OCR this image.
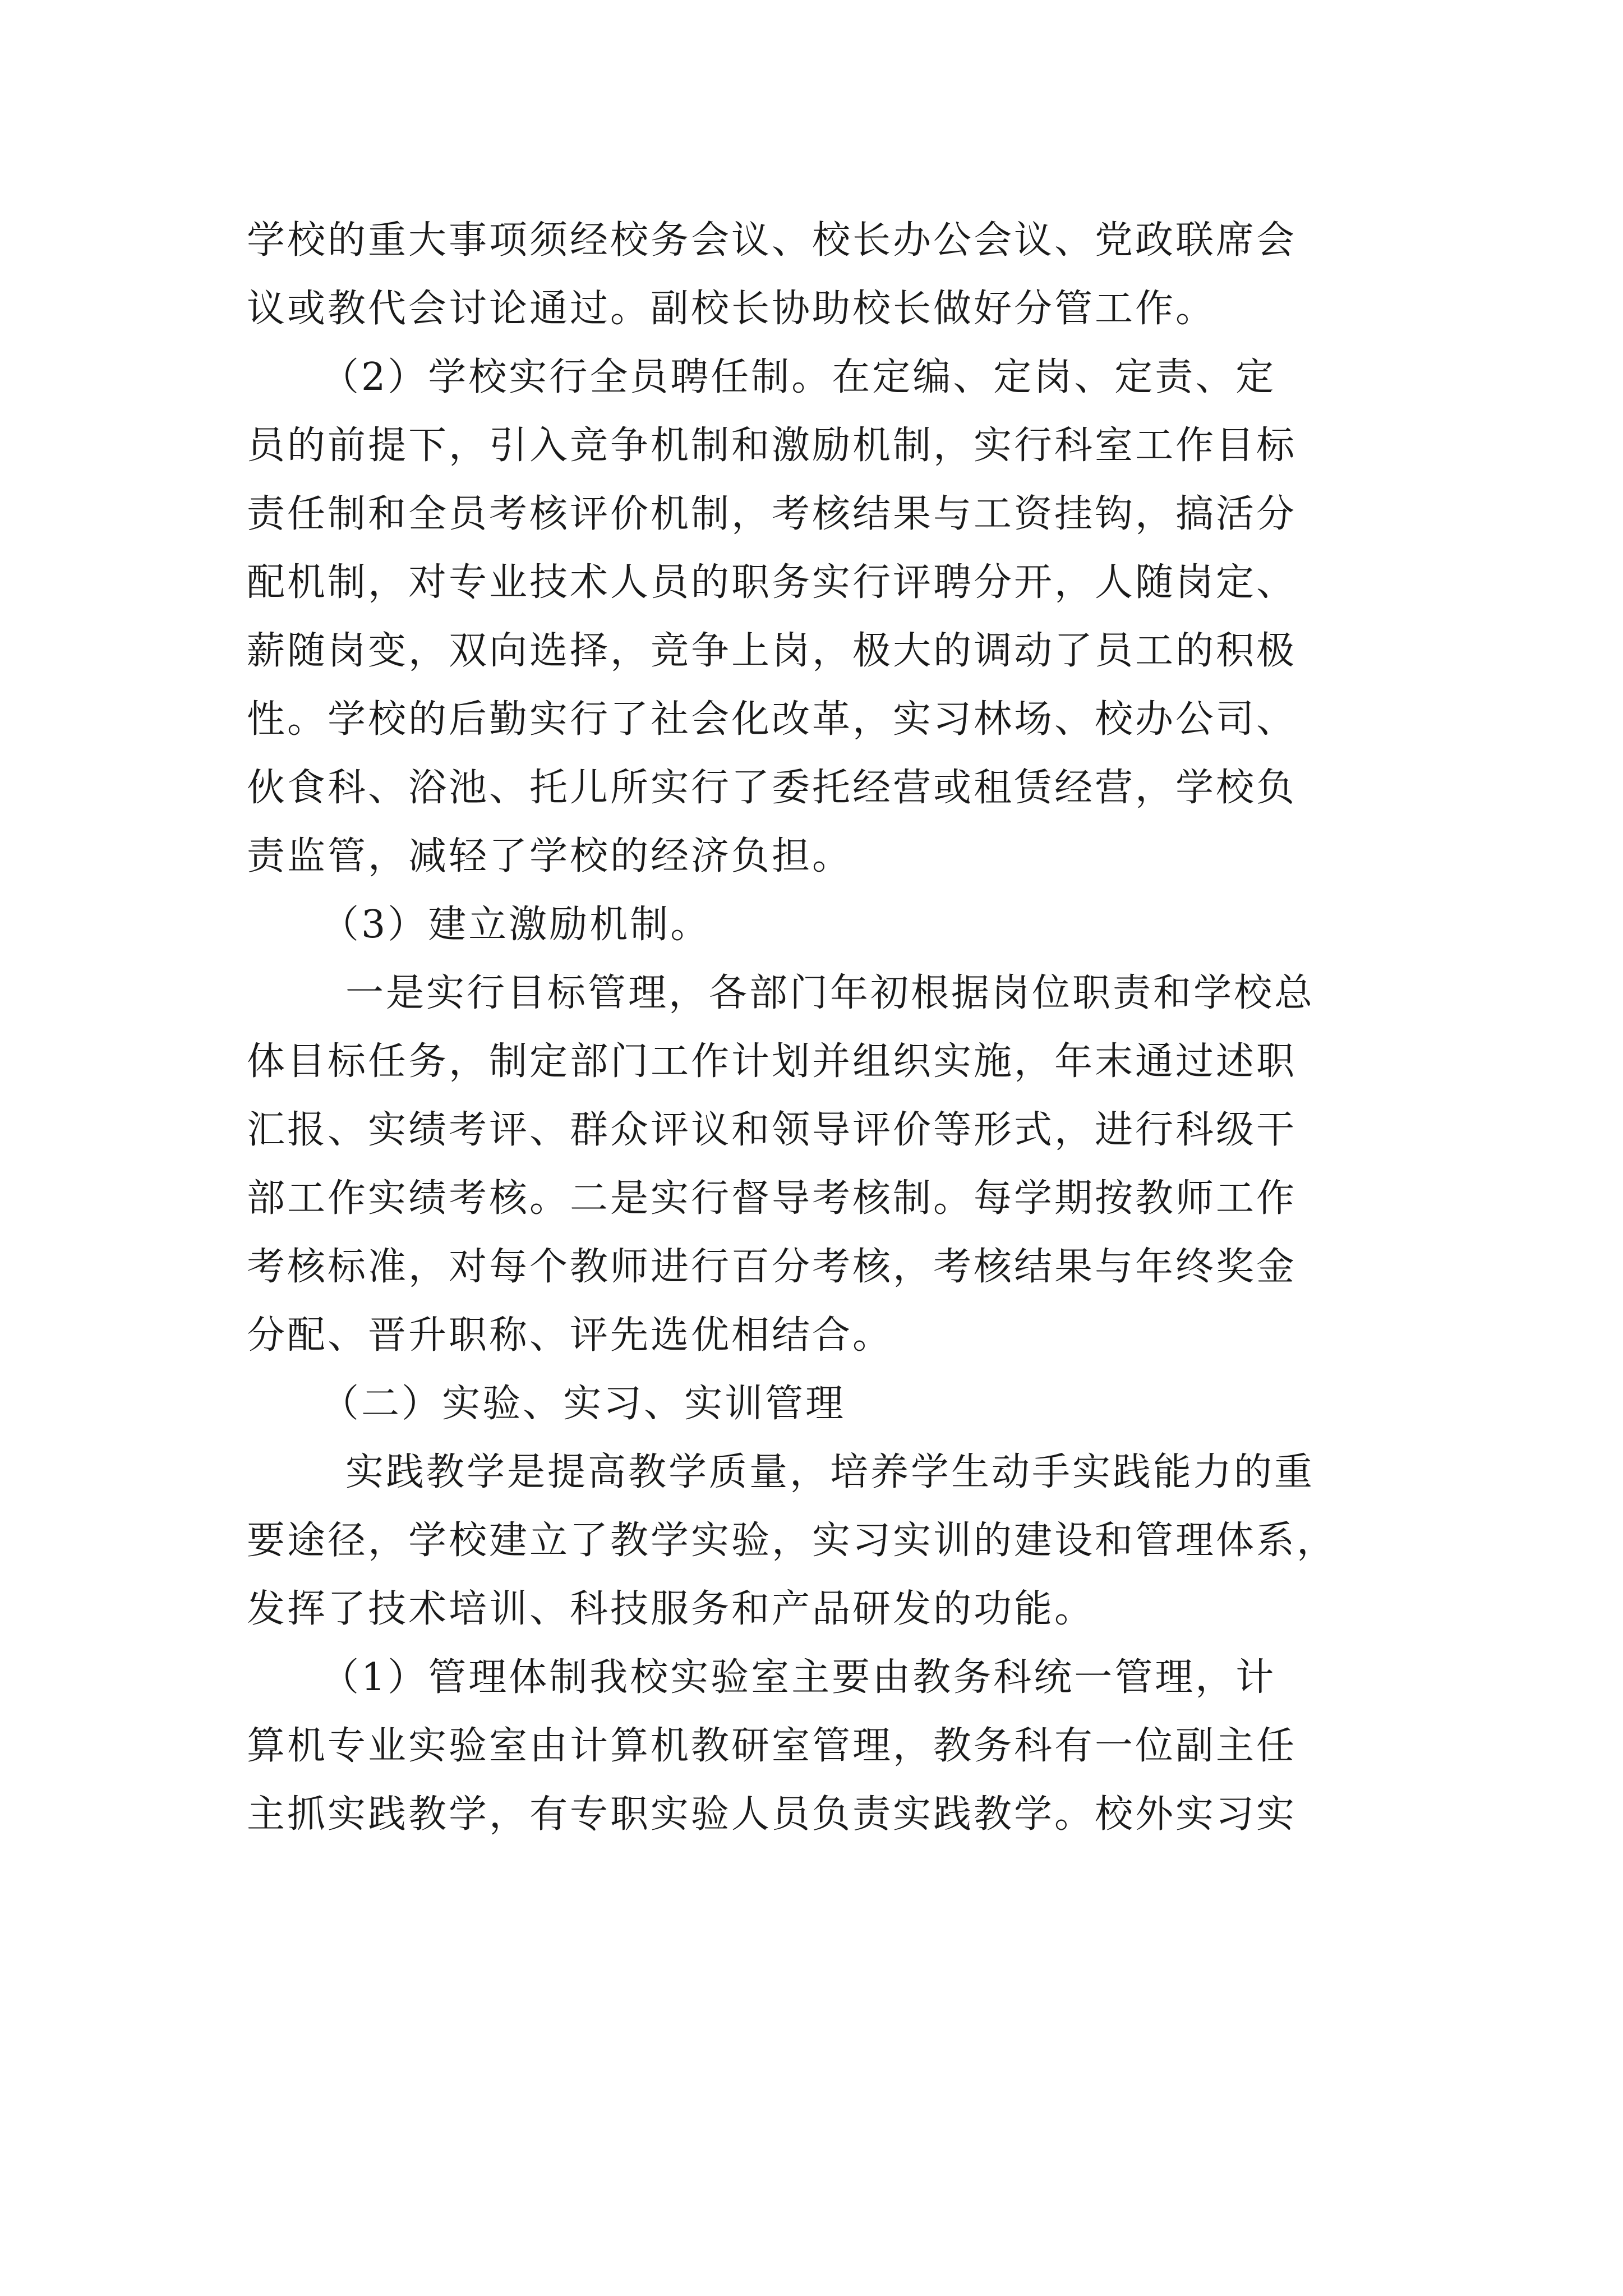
学校的重大事项须经校务会议、校长办公会议、党政联席会
议或教代会讨论通过。副校长协助校长做好分管工作。
（2）学校实行全员聘任制。在定编、定岗、定责、定
员的前提下，引入竞争机制和激励机制，实行科室工作目标
责任制和全员考核评价机制，考核结果与工资挂钩，搞活分
配机制，对专业技术人员的职务实行评聘分开，人随岗定、
薪随岗变，双向选择，竞争上岗，极大的调动了员工的积极
性。学校的后勤实行了社会化改革，实习林场、校办公司、
伙食科、浴池、托儿所实行了委托经营或租赁经营，学校负
责监管，减轻了学校的经济负担。
（3）建立激励机制。
一是实行目标管理，各部门年初根据岗位职责和学校总
体目标任务，制定部门工作计划并组织实施，年末通过述职
汇报、实绩考评、群众评议和领导评价等形式，进行科级干
部工作实绩考核。二是实行督导考核制。每学期按教师工作
考核标准，对每个教师进行百分考核，考核结果与年终奖金
分配、晋升职称、评先选优相结合。
（二）实验、实习、实训管理
实践教学是提高教学质量，培养学生动手实践能力的重
要途径，学校建立了教学实验，实习实训的建设和管理体系，
发挥了技术培训、科技服务和产品研发的功能。
（1）管理体制我校实验室主要由教务科统一管理，计
算机专业实验室由计算机教研室管理，教务科有一位副主任
主抓实践教学，有专职实验人员负责实践教学。校外实习实
